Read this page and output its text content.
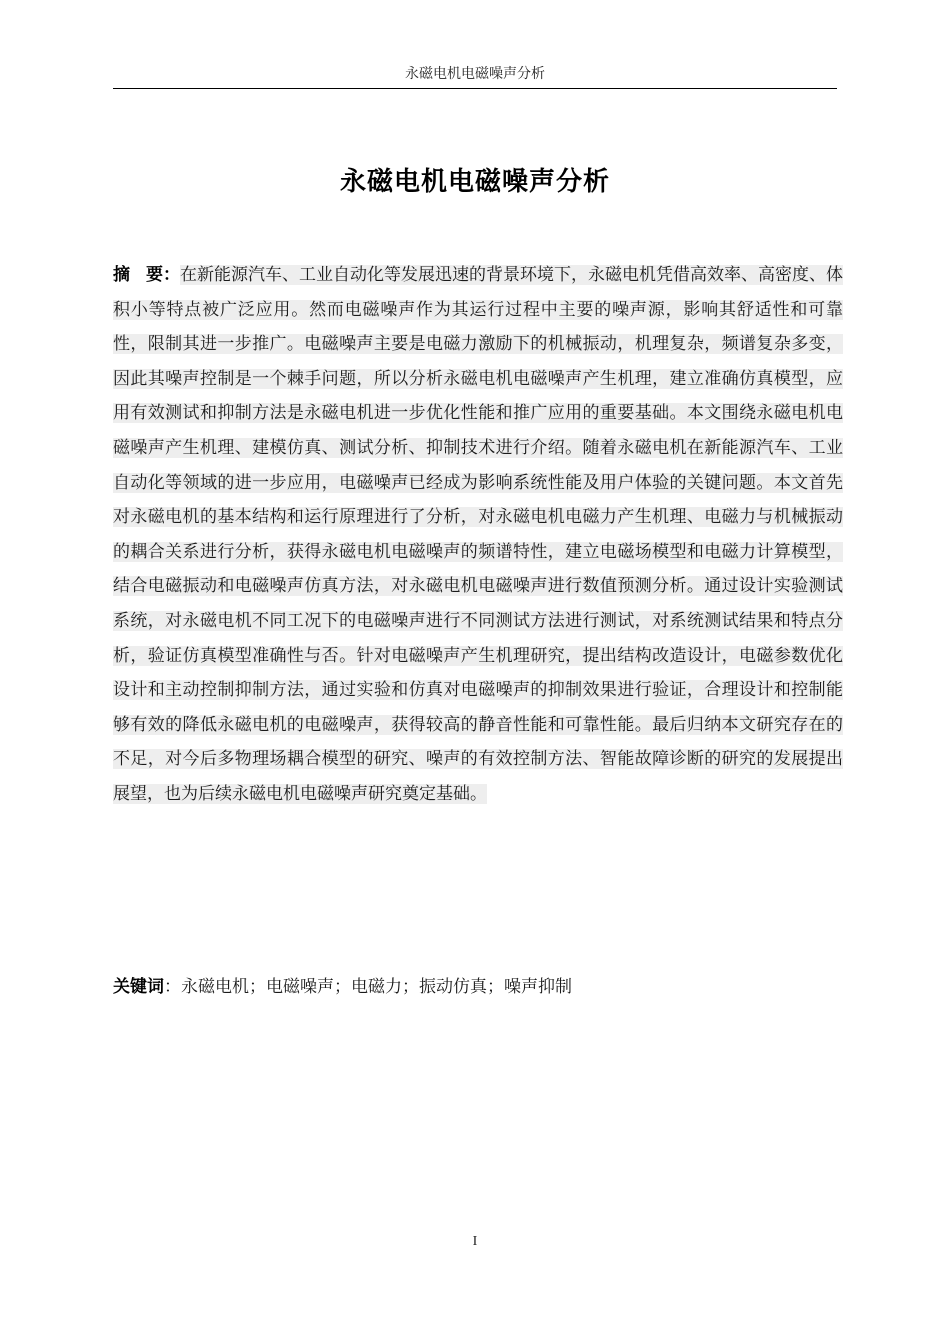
永磁电机电磁噪声分析
永磁电机电磁噪声分析
摘要：在新能源汽车、工业自动化等发展迅速的背景环境下，永磁电机凭借高效率、高密度、体积小等特点被广泛应用。然而电磁噪声作为其运行过程中主要的噪声源，影响其舒适性和可靠性，限制其进一步推广。电磁噪声主要是电磁力激励下的机械振动，机理复杂，频谱复杂多变，因此其噪声控制是一个棘手问题，所以分析永磁电机电磁噪声产生机理，建立准确仿真模型，应用有效测试和抑制方法是永磁电机进一步优化性能和推广应用的重要基础。本文围绕永磁电机电磁噪声产生机理、建模仿真、测试分析、抑制技术进行介绍。随着永磁电机在新能源汽车、工业自动化等领域的进一步应用，电磁噪声已经成为影响系统性能及用户体验的关键问题。本文首先对永磁电机的基本结构和运行原理进行了分析，对永磁电机电磁力产生机理、电磁力与机械振动的耦合关系进行分析，获得永磁电机电磁噪声的频谱特性，建立电磁场模型和电磁力计算模型，结合电磁振动和电磁噪声仿真方法，对永磁电机电磁噪声进行数值预测分析。通过设计实验测试系统，对永磁电机不同工况下的电磁噪声进行不同测试方法进行测试，对系统测试结果和特点分析，验证仿真模型准确性与否。针对电磁噪声产生机理研究，提出结构改造设计，电磁参数优化设计和主动控制抑制方法，通过实验和仿真对电磁噪声的抑制效果进行验证，合理设计和控制能够有效的降低永磁电机的电磁噪声，获得较高的静音性能和可靠性能。最后归纳本文研究存在的不足，对今后多物理场耦合模型的研究、噪声的有效控制方法、智能故障诊断的研究的发展提出展望，也为后续永磁电机电磁噪声研究奠定基础。
关键词：永磁电机；电磁噪声；电磁力；振动仿真；噪声抑制
I
